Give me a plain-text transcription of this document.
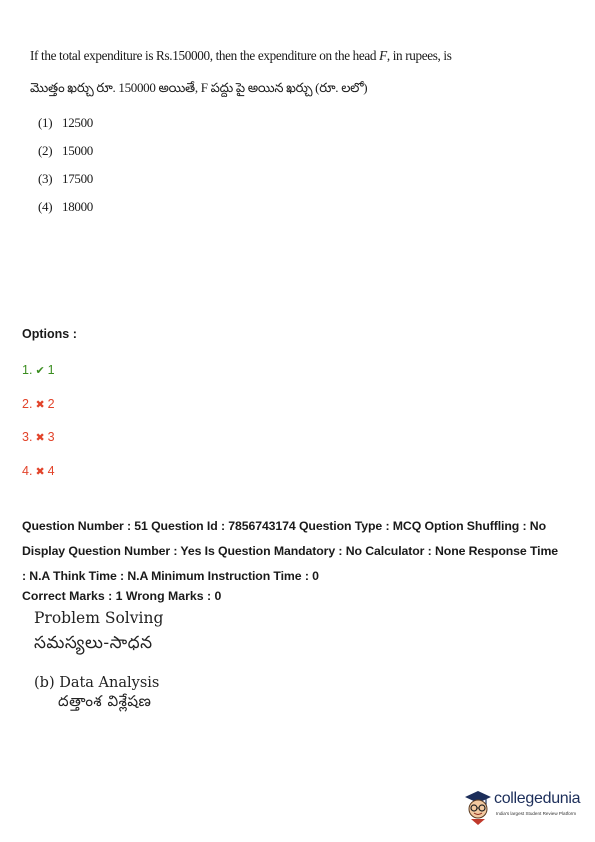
If the total expenditure is Rs.150000, then the expenditure on the head F, in rupees, is

మొత్తం ఖర్చు రూ. 150000 అయితే, F పద్దు పై అయిన ఖర్చు (రూ. లలో)

(1) 12500
(2) 15000
(3) 17500
(4) 18000
Options :
1. ✔ 1
2. ✖ 2
3. ✖ 3
4. ✖ 4
Question Number : 51 Question Id : 7856743174 Question Type : MCQ Option Shuffling : No
Display Question Number : Yes Is Question Mandatory : No Calculator : None Response Time
: N.A Think Time : N.A Minimum Instruction Time : 0
Correct Marks : 1 Wrong Marks : 0
Problem Solving
సమస్యలు-సాధన
(b) Data Analysis
దత్తాంశ విశ్లేషణ
collegedunia
India's largest Student Review Platform
